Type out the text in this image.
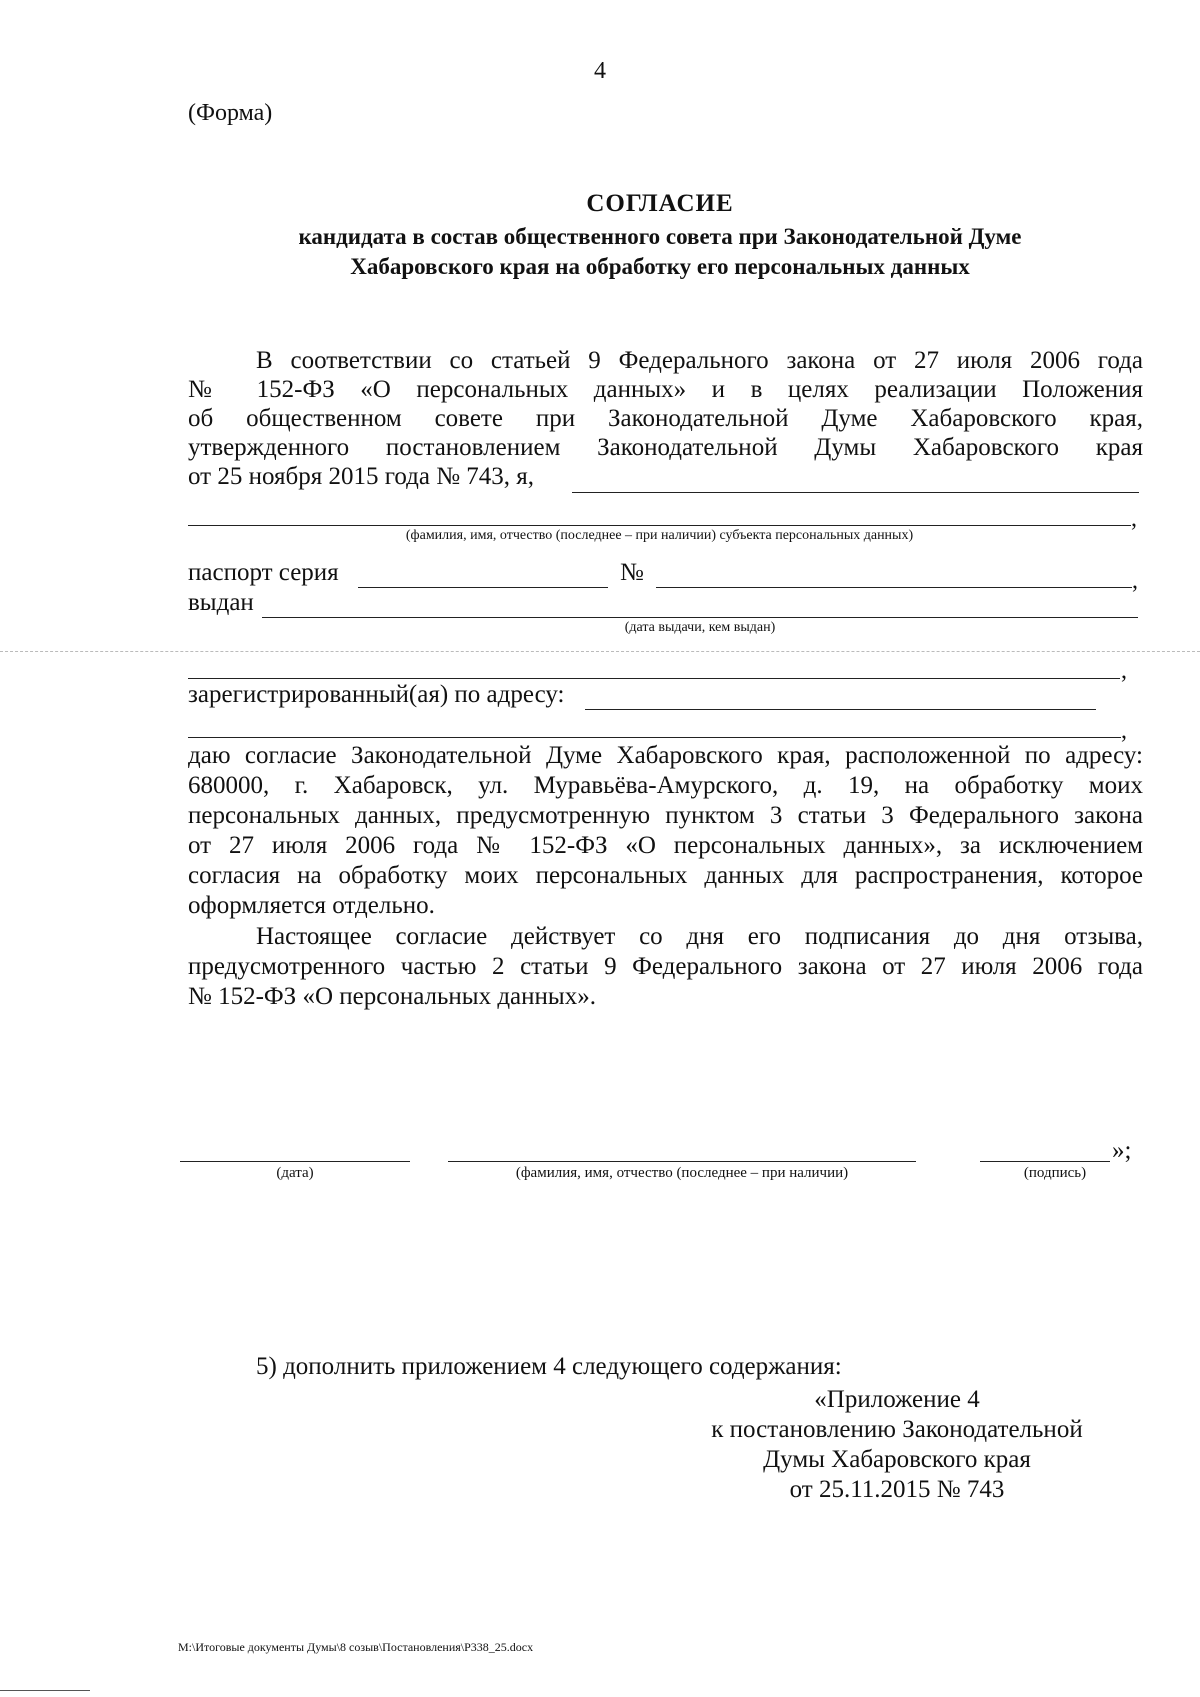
4
(Форма)
СОГЛАСИЕ
кандидата в состав общественного совета при Законодательной Думе
Хабаровского края на обработку его персональных данных
В соответствии со статьей 9 Федерального закона от 27 июля 2006 года
№ 152-ФЗ «О персональных данных» и в целях реализации Положения
об общественном совете при Законодательной Думе Хабаровского края,
утвержденного постановлением Законодательной Думы Хабаровского края
от 25 ноября 2015 года № 743, я,
,
(фамилия, имя, отчество (последнее – при наличии) субъекта персональных данных)
паспорт серия	№	,
выдан
(дата выдачи, кем выдан)
,
зарегистрированный(ая) по адресу:
,
даю согласие Законодательной Думе Хабаровского края, расположенной по адресу:
680000, г. Хабаровск, ул. Муравьёва-Амурского, д. 19, на обработку моих
персональных данных, предусмотренную пунктом 3 статьи 3 Федерального закона
от 27 июля 2006 года № 152-ФЗ «О персональных данных», за исключением
согласия на обработку моих персональных данных для распространения, которое
оформляется отдельно.
Настоящее согласие действует со дня его подписания до дня отзыва,
предусмотренного частью 2 статьи 9 Федерального закона от 27 июля 2006 года
№ 152-ФЗ «О персональных данных».
»;
(дата)	(фамилия, имя, отчество (последнее – при наличии)	(подпись)
5) дополнить приложением 4 следующего содержания:
«Приложение 4
к постановлению Законодательной
Думы Хабаровского края
от 25.11.2015 № 743
M:\Итоговые документы Думы\8 созыв\Постановления\Р338_25.docx
